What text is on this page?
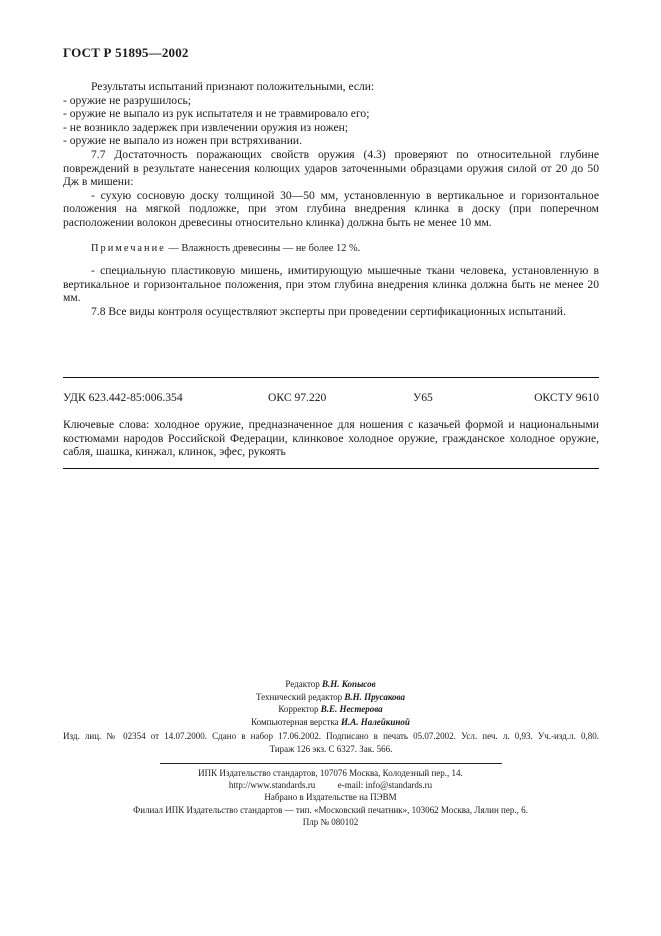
ГОСТ Р 51895—2002

Результаты испытаний признают положительными, если:

- оружие не разрушилось;

- оружие не выпало из рук испытателя и не травмировало его;

- не возникло задержек при извлечении оружия из ножен;

- оружие не выпало из ножен при встряхивании.

7.7 Достаточность поражающих свойств оружия (4.3) проверяют по относительной глубине повреждений в результате нанесения колющих ударов заточенными образцами оружия силой от 20 до 50 Дж в мишени:

- сухую сосновую доску толщиной 30—50 мм, установленную в вертикальное и горизонтальное положения на мягкой подложке, при этом глубина внедрения клинка в доску (при поперечном расположении волокон древесины относительно клинка) должна быть не менее 10 мм.

Примечание — Влажность древесины — не более 12 %.

- специальную пластиковую мишень, имитирующую мышечные ткани человека, установленную в вертикальное и горизонтальное положения, при этом глубина внедрения клинка должна быть не менее 20 мм.

7.8 Все виды контроля осуществляют эксперты при проведении сертификационных испытаний.

УДК 623.442-85:006.354	ОКС 97.220	У65	ОКСТУ 9610
Ключевые слова: холодное оружие, предназначенное для ношения с казачьей формой и национальными костюмами народов Российской Федерации, клинковое холодное оружие, гражданское холодное оружие, сабля, шашка, кинжал, клинок, эфес, рукоять
Редактор В.Н. Копысов
Технический редактор В.Н. Прусакова
Корректор В.Е. Нестерова
Компьютерная верстка И.А. Налейкиной
Изд. лиц. № 02354 от 14.07.2000. Сдано в набор 17.06.2002. Подписано в печать 05.07.2002. Усл. печ. л. 0,93. Уч.-изд.л. 0,80.
Тираж 126 экз. С 6327. Зак. 566.
ИПК Издательство стандартов, 107076 Москва, Колодезный пер., 14.
http://www.standards.ru          e-mail: info@standards.ru
Набрано в Издательстве на ПЭВМ
Филиал ИПК Издательство стандартов — тип. «Московский печатник», 103062 Москва, Лялин пер., 6.
Плр № 080102
